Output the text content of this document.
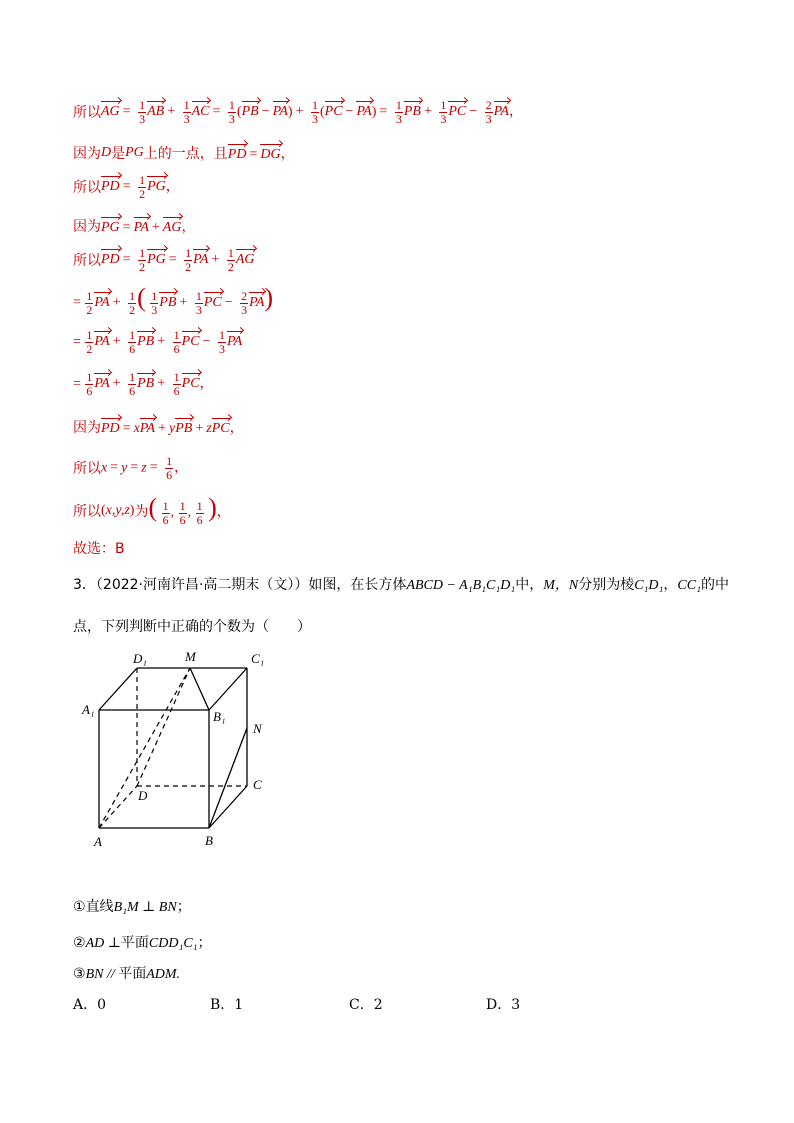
所以 AG = $\frac{1}{3}$ AB + $\frac{1}{3}$ AC = $\frac{1}{3} (PB - PA) + \frac{1}{3} (PC - PA) = \frac{1}{3}$ PB + $\frac{1}{3}$ PC − $\frac{2}{3}$ PA，
因为 D 是 PG 上的一点，且 PD = DG，
所以 PD = $\frac{1}{2}$ PG，
因为 PG = PA + AG，
所以 PD = $\frac{1}{2}$ PG = $\frac{1}{2}$ PA + $\frac{1}{2}$ AG
= $\frac{1}{2}$ PA + $\frac{1}{2}$ ( $\frac{1}{3}$ PB + $\frac{1}{3}$ PC − $\frac{2}{3} PA$)
= $\frac{1}{2}$ PA + $\frac{1}{6}$ PB + $\frac{1}{6}$ PC − $\frac{1}{3}$ PA
= $\frac{1}{6}$ PA + $\frac{1}{6}$ PB + $\frac{1}{6}$ PC，
因为 PD = xPA + yPB + zPC，
所以 $x = y = z = \frac{1}{6}$ ，
所以 (x,y,z) 为 ( $\frac{1}{6}$ , $\frac{1}{6}$ , $\frac{1}{6}$ )，
故选：B
3．（2022·河南许昌·高二期末（文））如图，在长方体ABCD − A₁B₁C₁D₁中，M，N分别为棱C₁D₁，CC₁的中
点，下列判断中正确的个数为（　　）
D₁	M	C₁
A₁	B₁
N
D
C
A	B
①直线B₁M ⊥ BN；
②AD ⊥平面CDD₁C₁；
③BN // 平面ADM.
A．0	B．1	C．2	D．3
